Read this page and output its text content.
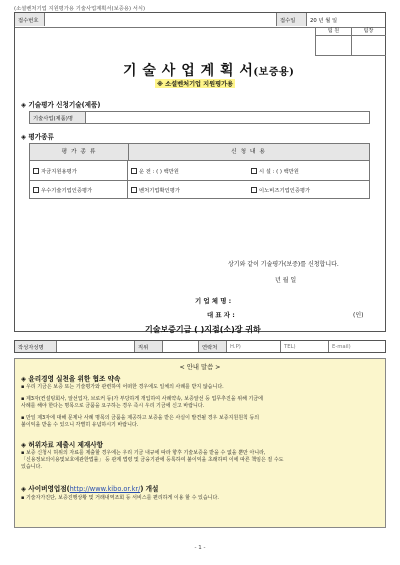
(소셜벤처기업 지원평가용 기술사업계획서(보증용) 서식)
접수번호	접수일	20 년 월 일
팀 원	팀장
기 술 사 업 계 획 서(보증용)
※ 소셜벤처기업 지원평가용
◈ 기술평가 신청기술(제품)
기술사업(제품)명
◈ 평가종류
평 가 종 류	신 청 내 용
자금지원용평가	운 전 : ( ) 백만원	시 설 : ( ) 백만원
우수기술기업인증평가	벤처기업확인평가	이노비즈기업인증평가
상기와 같이 기술평가(보증)를 신청합니다.
년 월 일
기 업 체 명 :
대 표 자 :	(인)
기술보증기금 ( )지점(소)장 귀하
작성자성명	직위	연락처	H.P)	TEL)	E-mail)
< 안내 말씀 >
◈ 윤리경영 실천을 위한 협조 약속
▪ 우리 기금은 보증 또는 기술평가와 관련하여 어떠한 경우에도 일체의 사례를 받지 않습니다.
▪ 제3자(컨설팅회사, 알선업자, 브로커 등)가 부당하게 개입하여 사례약속, 보증알선 등 업무추진을 위해 기금에
사례를 해야 한다는 명목으로 금품을 요구하는 경우 즉시 우리 기금에 신고 바랍니다.
▪ 만일 제3자에 대해 문제나 사례 명목의 금품을 제공하고 보증을 받은 사실이 발견될 경우 보증지원원칙 등의
불이익을 받을 수 있으니 각별히 유념하시기 바랍니다.
◈ 허위자료 제출시 제재사항
▪ 보증 신청시 허위의 자료를 제출할 경우에는 우리 기금 내규에 따라 향후 기술보증을 받을 수 없을 뿐만 아니라,
「신용정보의이용및보호에관한법률」 등 관계 법령 및 금융기관에 등록하여 불이익을 초래하며 이에 따른 책임은 질 수도
있습니다.
◈ 사이버영업점(http://www.kibo.or.kr/) 개설
▪ 기술자가진단, 보증진행상황 및 거래내역조회 등 서비스를 편리하게 이용 할 수 있습니다.
- 1 -
